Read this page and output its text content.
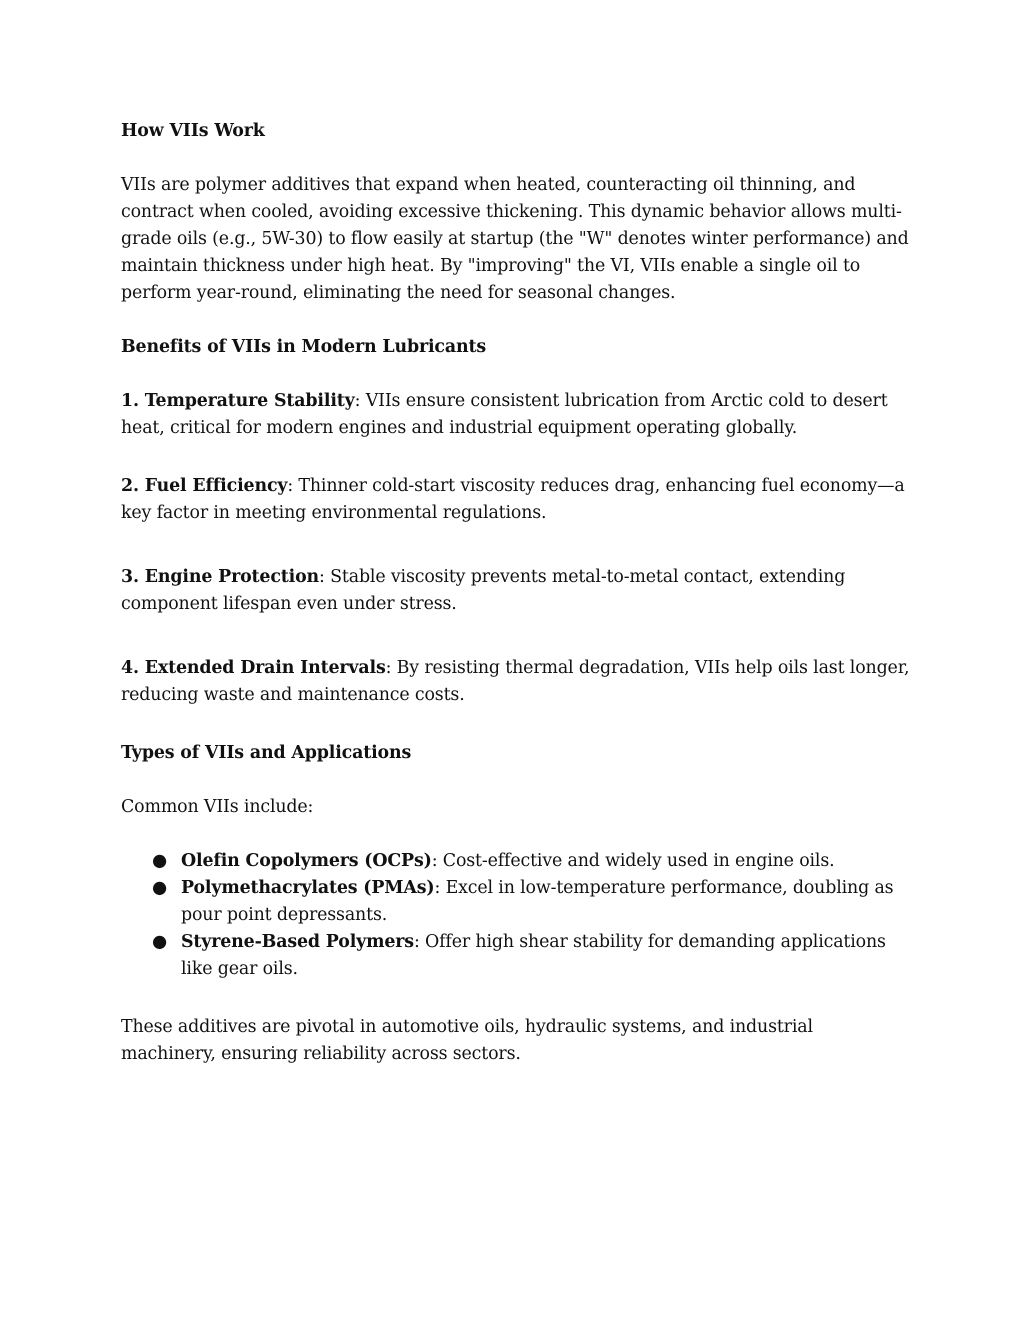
How VIIs Work

VIIs are polymer additives that expand when heated, counteracting oil thinning, and contract when cooled, avoiding excessive thickening. This dynamic behavior allows multi-grade oils (e.g., 5W-30) to flow easily at startup (the "W" denotes winter performance) and maintain thickness under high heat. By "improving" the VI, VIIs enable a single oil to perform year-round, eliminating the need for seasonal changes.

Benefits of VIIs in Modern Lubricants

1. Temperature Stability: VIIs ensure consistent lubrication from Arctic cold to desert heat, critical for modern engines and industrial equipment operating globally.

2. Fuel Efficiency: Thinner cold-start viscosity reduces drag, enhancing fuel economy—a key factor in meeting environmental regulations.

3. Engine Protection: Stable viscosity prevents metal-to-metal contact, extending component lifespan even under stress.

4. Extended Drain Intervals: By resisting thermal degradation, VIIs help oils last longer, reducing waste and maintenance costs.

Types of VIIs and Applications

Common VIIs include:

● Olefin Copolymers (OCPs): Cost-effective and widely used in engine oils.
● Polymethacrylates (PMAs): Excel in low-temperature performance, doubling as pour point depressants.
● Styrene-Based Polymers: Offer high shear stability for demanding applications like gear oils.

These additives are pivotal in automotive oils, hydraulic systems, and industrial machinery, ensuring reliability across sectors.
